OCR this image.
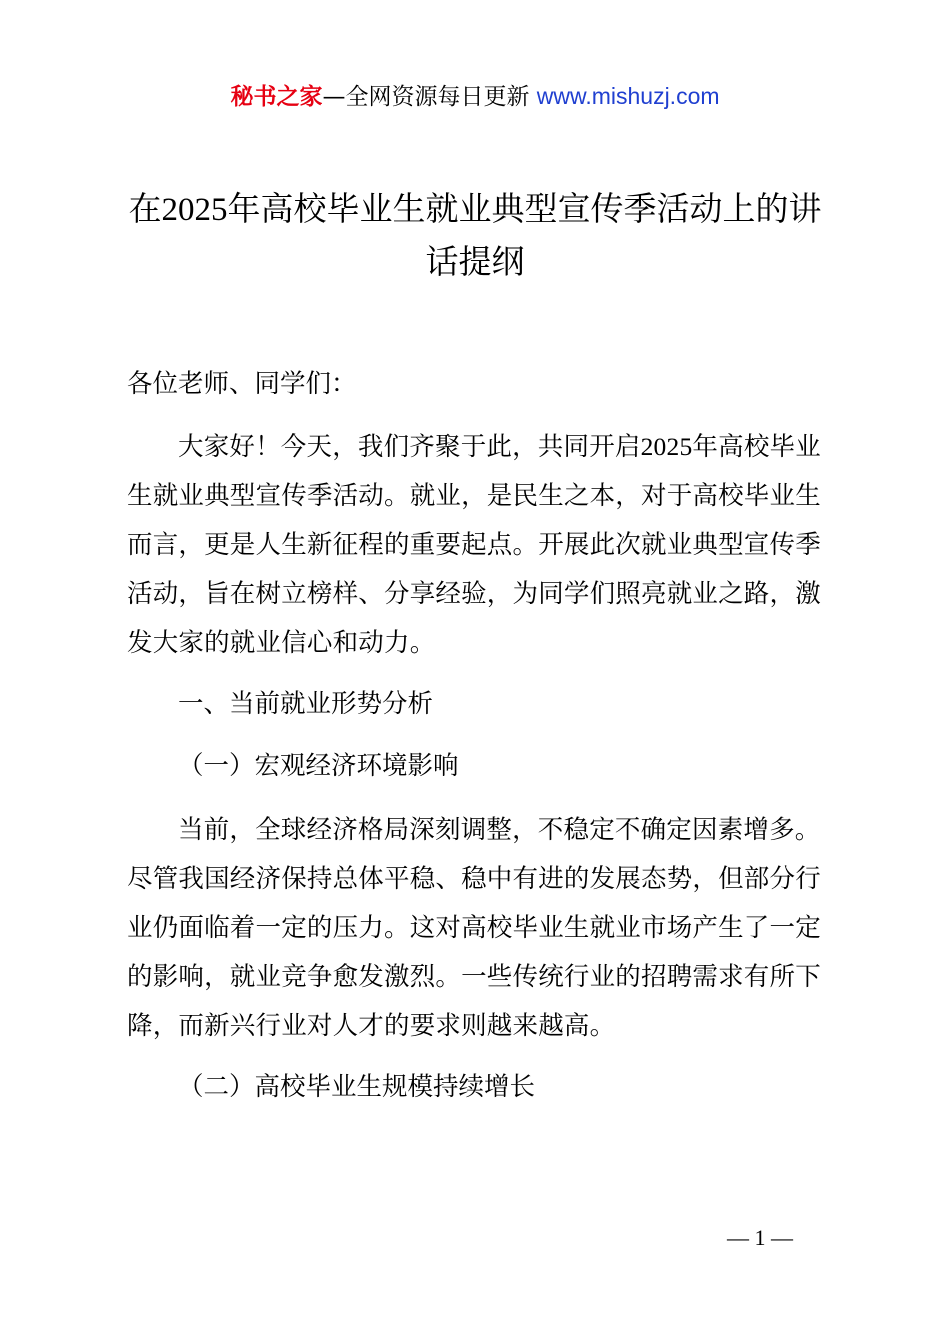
秘书之家—全网资源每日更新 www.mishuzj.com
在2025年高校毕业生就业典型宣传季活动上的讲话提纲

各位老师、同学们：

大家好！今天，我们齐聚于此，共同开启2025年高校毕业生就业典型宣传季活动。就业，是民生之本，对于高校毕业生而言，更是人生新征程的重要起点。开展此次就业典型宣传季活动，旨在树立榜样、分享经验，为同学们照亮就业之路，激发大家的就业信心和动力。

一、当前就业形势分析

（一）宏观经济环境影响

当前，全球经济格局深刻调整，不稳定不确定因素增多。尽管我国经济保持总体平稳、稳中有进的发展态势，但部分行业仍面临着一定的压力。这对高校毕业生就业市场产生了一定的影响，就业竞争愈发激烈。一些传统行业的招聘需求有所下降，而新兴行业对人才的要求则越来越高。

（二）高校毕业生规模持续增长

— 1 —
